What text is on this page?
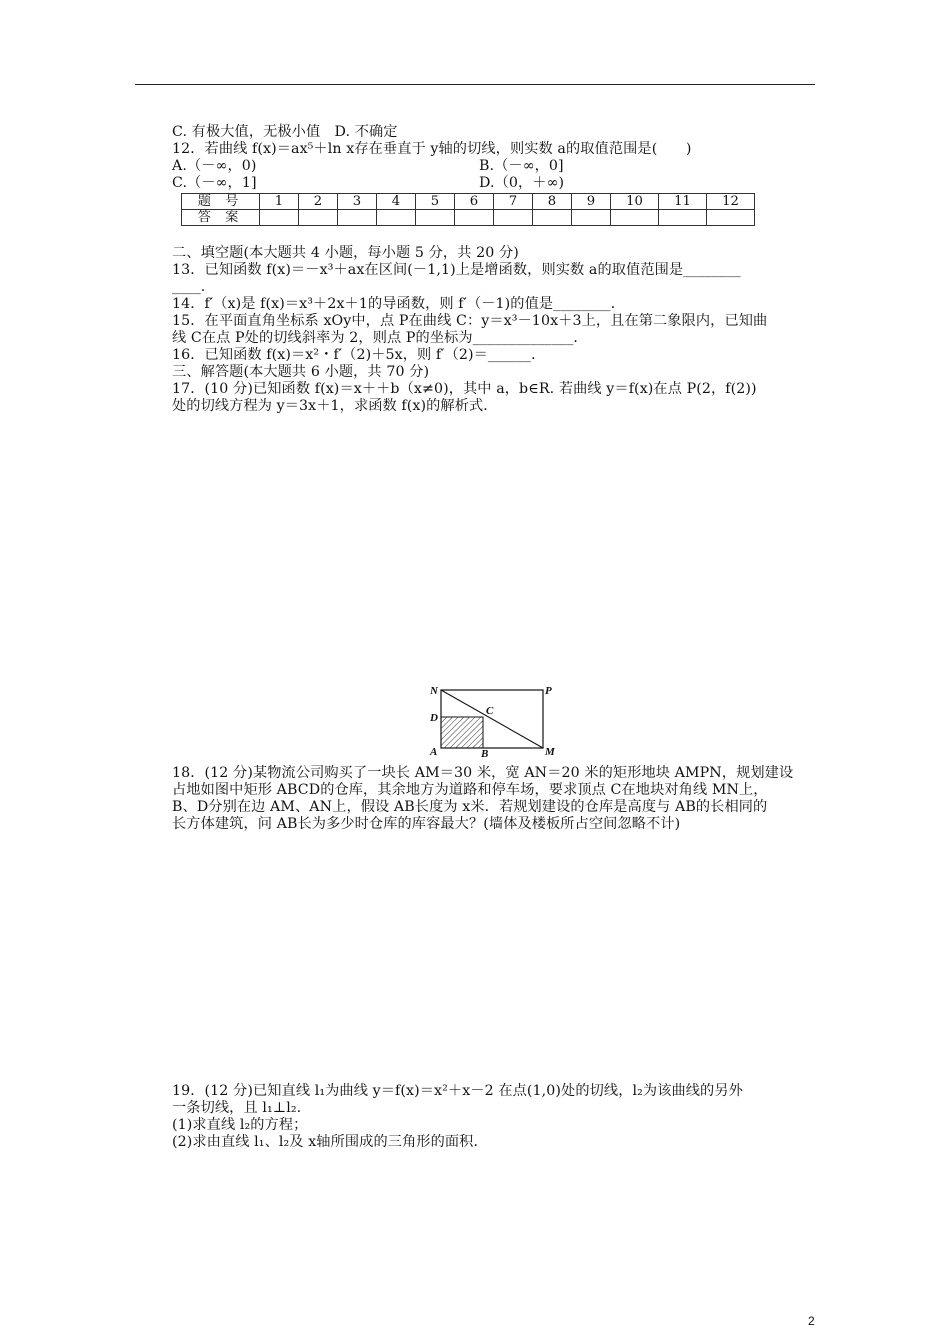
C. 有极大值，无极小值　D. 不确定
12．若曲线 f(x)＝ax⁵＋ln x存在垂直于 y轴的切线，则实数 a的取值范围是(　　)
A.（－∞，0)	B.（－∞，0]
C.（－∞，1]	D.（0，＋∞)
题 号	1	2	3	4	5	6	7	8	9	10	11	12
答 案												
二、填空题(本大题共 4 小题，每小题 5 分，共 20 分)
13．已知函数 f(x)＝－x³＋ax在区间(－1,1)上是增函数，则实数 a的取值范围是________
____.
14．f′（x)是 f(x)＝x³＋2x＋1的导函数，则 f′（－1)的值是________．
15．在平面直角坐标系 xOy中，点 P在曲线 C：y＝x³－10x＋3上，且在第二象限内，已知曲
线 C在点 P处的切线斜率为 2，则点 P的坐标为______________．
16．已知函数 f(x)＝x²・f′（2)＋5x，则 f′（2)＝______．
三、解答题(本大题共 6 小题，共 70 分)
17．(10 分)已知函数 f(x)＝x＋＋b（x≠0)，其中 a，b∈R. 若曲线 y＝f(x)在点 P(2，f(2))
处的切线方程为 y＝3x＋1，求函数 f(x)的解析式．
N	P
D
C
A	B	M
18．(12 分)某物流公司购买了一块长 AM＝30 米，宽 AN＝20 米的矩形地块 AMPN，规划建设
占地如图中矩形 ABCD的仓库，其余地方为道路和停车场，要求顶点 C在地块对角线 MN上，
B、D分别在边 AM、AN上，假设 AB长度为 x米．若规划建设的仓库是高度与 AB的长相同的
长方体建筑，问 AB长为多少时仓库的库容最大？(墙体及楼板所占空间忽略不计)
19．(12 分)已知直线 l₁为曲线 y＝f(x)＝x²＋x－2 在点(1,0)处的切线，l₂为该曲线的另外
一条切线，且 l₁⊥l₂.
(1)求直线 l₂的方程；
(2)求由直线 l₁、l₂及 x轴所围成的三角形的面积．
2
